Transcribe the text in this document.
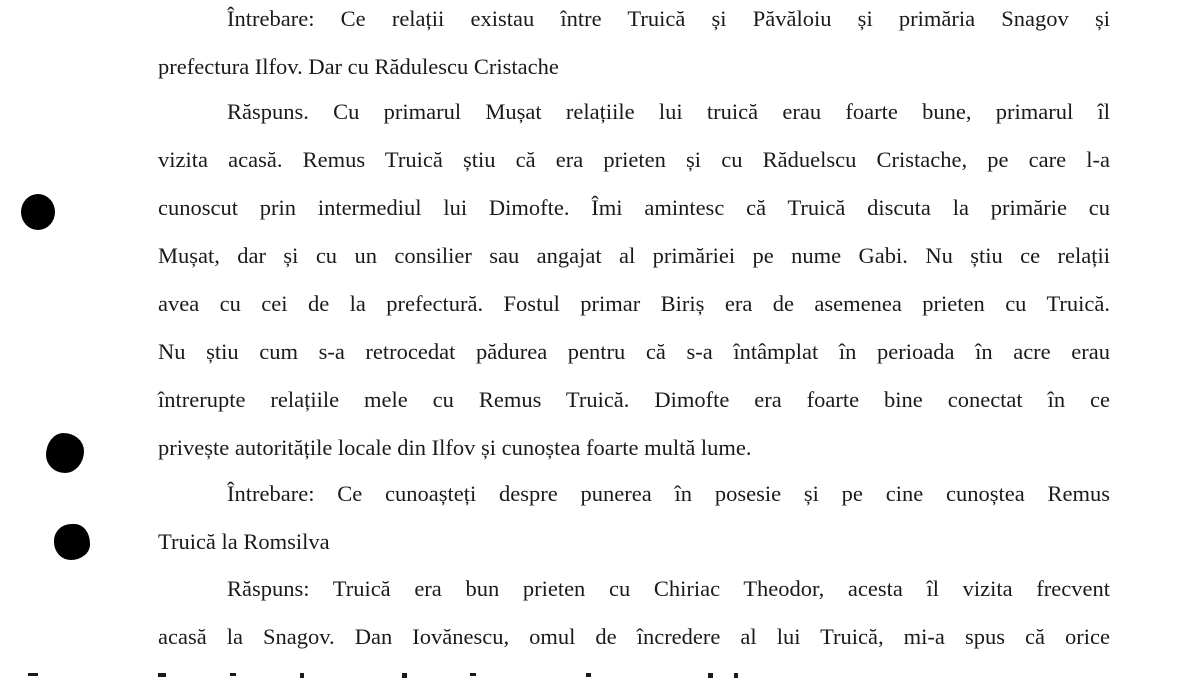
Întrebare: Ce relații existau între Truică și Păvăloiu și primăria Snagov și
prefectura Ilfov. Dar cu Rădulescu Cristache
Răspuns. Cu primarul Mușat relațiile lui truică erau foarte bune, primarul îl
vizita acasă. Remus Truică știu că era prieten și cu Răduelscu Cristache, pe care l-a
cunoscut prin intermediul lui Dimofte. Îmi amintesc că Truică discuta la primărie cu
Mușat, dar și cu un consilier sau angajat al primăriei pe nume Gabi. Nu știu ce relații
avea cu cei de la prefectură. Fostul primar Biriș era de asemenea prieten cu Truică.
Nu știu cum s-a retrocedat pădurea pentru că s-a întâmplat în perioada în acre erau
întrerupte relațiile mele cu Remus Truică. Dimofte era foarte bine conectat în ce
privește autoritățile locale din Ilfov și cunoștea foarte multă lume.
Întrebare: Ce cunoașteți despre punerea în posesie și pe cine cunoștea Remus
Truică la Romsilva
Răspuns: Truică era bun prieten cu Chiriac Theodor, acesta îl vizita frecvent
acasă la Snagov. Dan Iovănescu, omul de încredere al lui Truică, mi-a spus că orice
